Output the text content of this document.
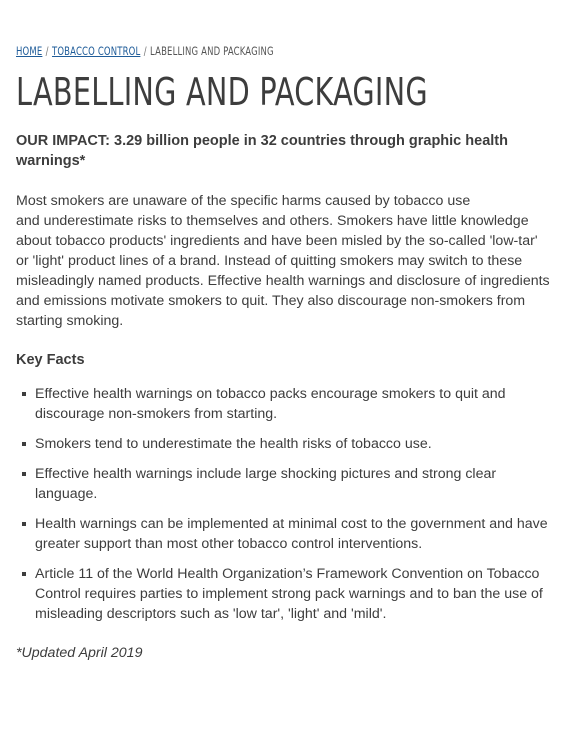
HOME / TOBACCO CONTROL / LABELLING AND PACKAGING
LABELLING AND PACKAGING

OUR IMPACT: 3.29 billion people in 32 countries through graphic health warnings*

Most smokers are unaware of the specific harms caused by tobacco use
and underestimate risks to themselves and others. Smokers have little knowledge
about tobacco products' ingredients and have been misled by the so-called 'low-tar'
or 'light' product lines of a brand. Instead of quitting smokers may switch to these
misleadingly named products. Effective health warnings and disclosure of ingredients
and emissions motivate smokers to quit. They also discourage non-smokers from
starting smoking.

Key Facts
Effective health warnings on tobacco packs encourage smokers to quit and
discourage non-smokers from starting.
Smokers tend to underestimate the health risks of tobacco use.
Effective health warnings include large shocking pictures and strong clear
language.
Health warnings can be implemented at minimal cost to the government and have
greater support than most other tobacco control interventions.
Article 11 of the World Health Organization’s Framework Convention on Tobacco
Control requires parties to implement strong pack warnings and to ban the use of
misleading descriptors such as 'low tar', 'light' and 'mild'.

*Updated April 2019
